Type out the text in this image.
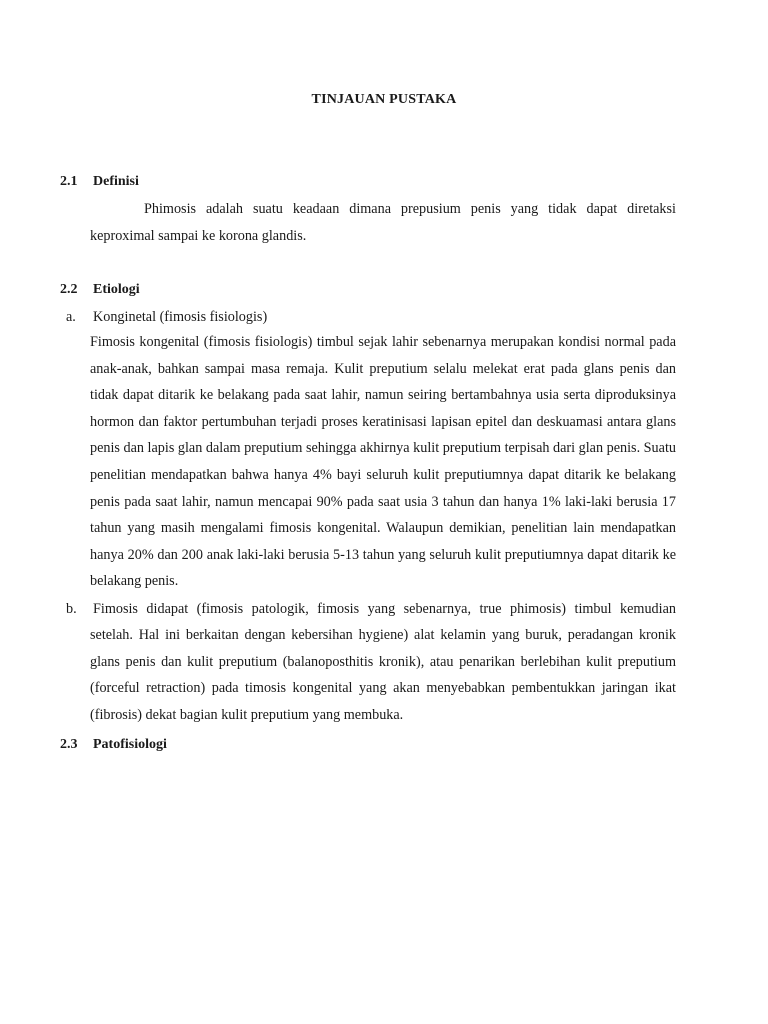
TINJAUAN PUSTAKA
2.1 Definisi
Phimosis adalah suatu keadaan dimana prepusium penis yang tidak dapat diretaksi keproximal sampai ke korona glandis.
2.2 Etiologi
a. Konginetal (fimosis fisiologis)
Fimosis kongenital (fimosis fisiologis) timbul sejak lahir sebenarnya merupakan kondisi normal pada anak-anak, bahkan sampai masa remaja. Kulit preputium selalu melekat erat pada glans penis dan tidak dapat ditarik ke belakang pada saat lahir, namun seiring bertambahnya usia serta diproduksinya hormon dan faktor pertumbuhan terjadi proses keratinisasi lapisan epitel dan deskuamasi antara glans penis dan lapis glan dalam preputium sehingga akhirnya kulit preputium terpisah dari glan penis. Suatu penelitian mendapatkan bahwa hanya 4% bayi seluruh kulit preputiumnya dapat ditarik ke belakang penis pada saat lahir, namun mencapai 90% pada saat usia 3 tahun dan hanya 1% laki-laki berusia 17 tahun yang masih mengalami fimosis kongenital. Walaupun demikian, penelitian lain mendapatkan hanya 20% dan 200 anak laki-laki berusia 5-13 tahun yang seluruh kulit preputiumnya dapat ditarik ke belakang penis.
b. Fimosis didapat (fimosis patologik, fimosis yang sebenarnya, true phimosis) timbul kemudian
setelah. Hal ini berkaitan dengan kebersihan hygiene) alat kelamin yang buruk, peradangan kronik glans penis dan kulit preputium (balanoposthitis kronik), atau penarikan berlebihan kulit preputium (forceful retraction) pada timosis kongenital yang akan menyebabkan pembentukkan jaringan ikat (fibrosis) dekat bagian kulit preputium yang membuka.
2.3 Patofisiologi
